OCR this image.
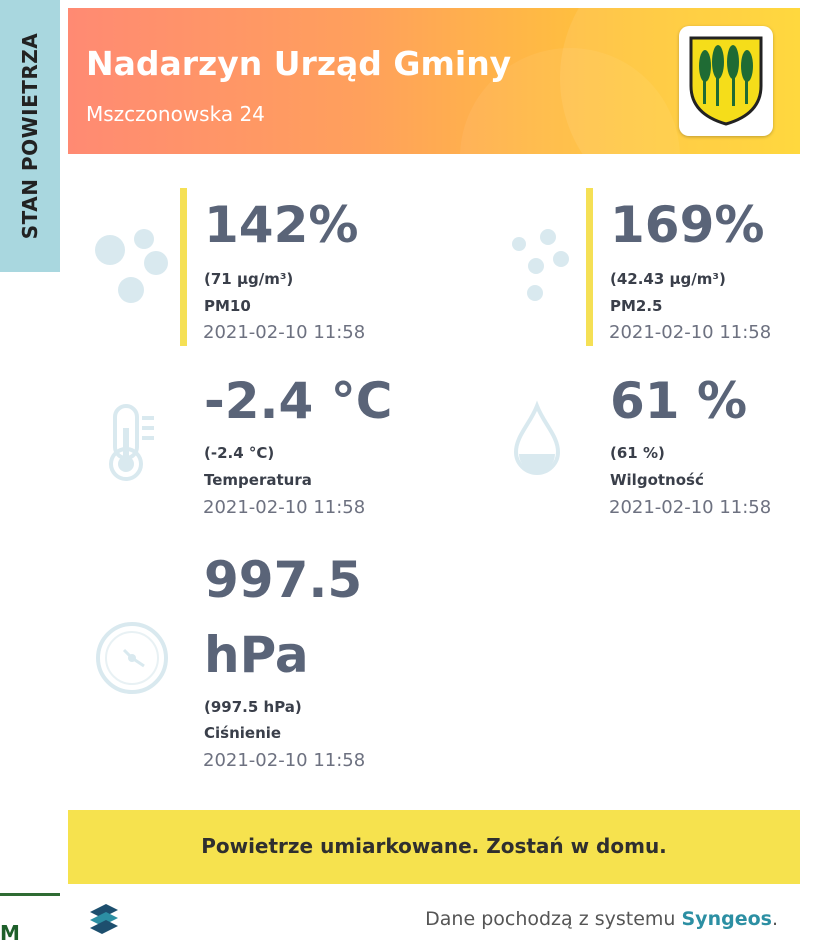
STAN POWIETRZA
M
Nadarzyn Urząd Gminy
Mszczonowska 24
142%
(71 µg/m³)
PM10
2021-02-10 11:58
169%
(42.43 µg/m³)
PM2.5
2021-02-10 11:58
-2.4 °C
(-2.4 °C)
Temperatura
2021-02-10 11:58
61 %
(61 %)
Wilgotność
2021-02-10 11:58
997.5
hPa
(997.5 hPa)
Ciśnienie
2021-02-10 11:58
Powietrze umiarkowane. Zostań w domu.
Dane pochodzą z systemu Syngeos.
